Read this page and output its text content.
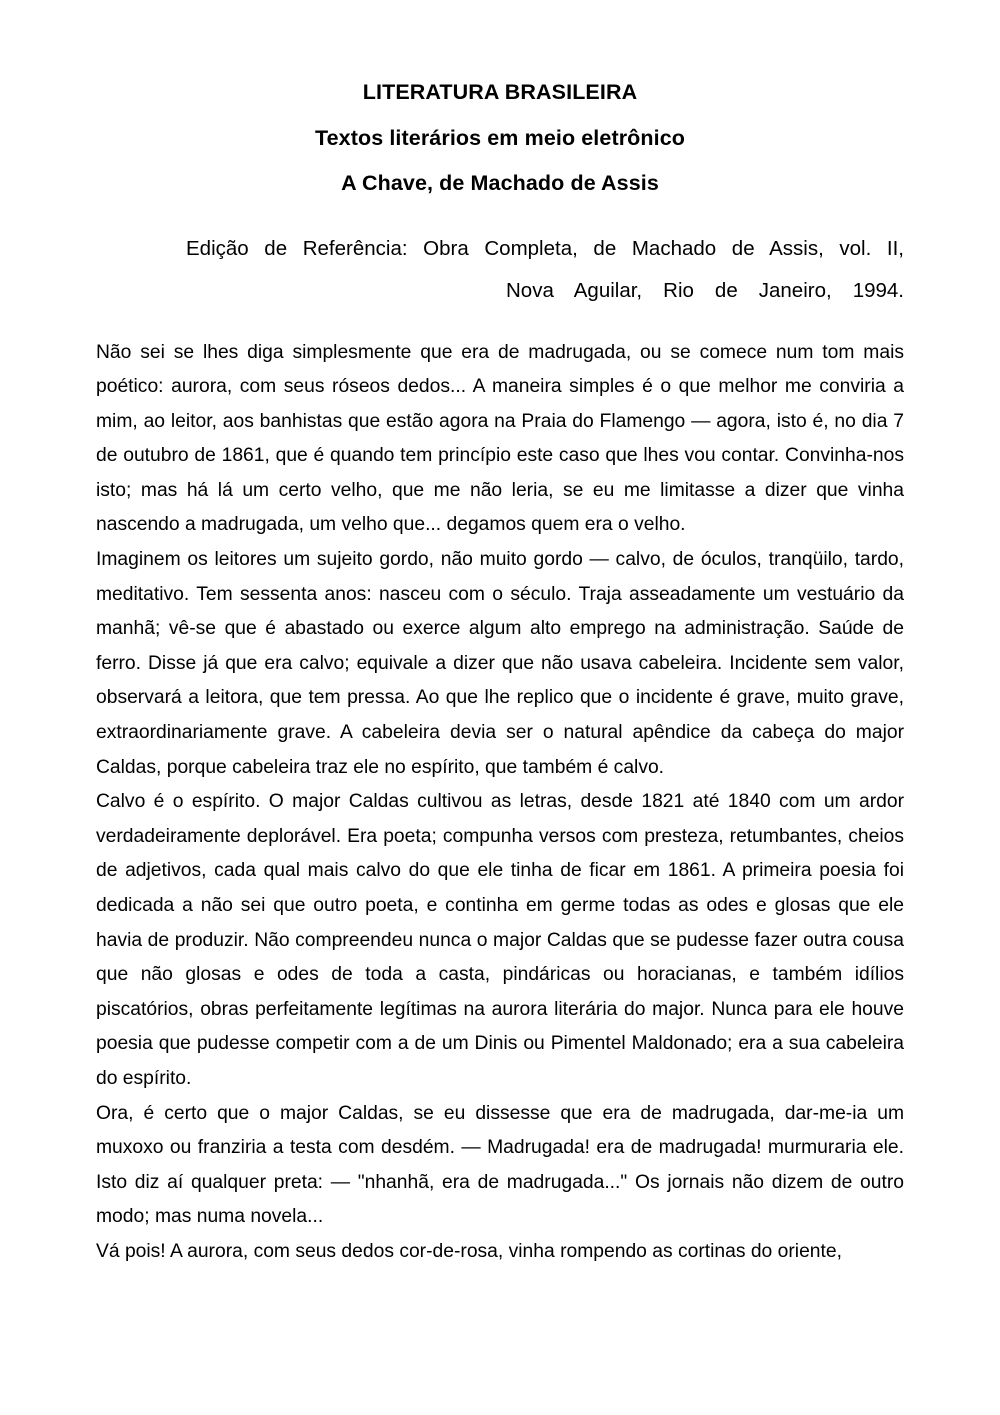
LITERATURA BRASILEIRA
Textos literários em meio eletrônico
A Chave, de Machado de Assis

Edição de Referência: Obra Completa, de Machado de Assis, vol. II,

Nova Aguilar, Rio de Janeiro, 1994.

Não sei se lhes diga simplesmente que era de madrugada, ou se comece num tom mais poético: aurora, com seus róseos dedos... A maneira simples é o que melhor me conviria a mim, ao leitor, aos banhistas que estão agora na Praia do Flamengo — agora, isto é, no dia 7 de outubro de 1861, que é quando tem princípio este caso que lhes vou contar. Convinha-nos isto; mas há lá um certo velho, que me não leria, se eu me limitasse a dizer que vinha nascendo a madrugada, um velho que... degamos quem era o velho.

Imaginem os leitores um sujeito gordo, não muito gordo — calvo, de óculos, tranqüilo, tardo, meditativo. Tem sessenta anos: nasceu com o século. Traja asseadamente um vestuário da manhã; vê-se que é abastado ou exerce algum alto emprego na administração. Saúde de ferro. Disse já que era calvo; equivale a dizer que não usava cabeleira. Incidente sem valor, observará a leitora, que tem pressa. Ao que lhe replico que o incidente é grave, muito grave, extraordinariamente grave. A cabeleira devia ser o natural apêndice da cabeça do major Caldas, porque cabeleira traz ele no espírito, que também é calvo.

Calvo é o espírito. O major Caldas cultivou as letras, desde 1821 até 1840 com um ardor verdadeiramente deplorável. Era poeta; compunha versos com presteza, retumbantes, cheios de adjetivos, cada qual mais calvo do que ele tinha de ficar em 1861. A primeira poesia foi dedicada a não sei que outro poeta, e continha em germe todas as odes e glosas que ele havia de produzir. Não compreendeu nunca o major Caldas que se pudesse fazer outra cousa que não glosas e odes de toda a casta, pindáricas ou horacianas, e também idílios piscatórios, obras perfeitamente legítimas na aurora literária do major. Nunca para ele houve poesia que pudesse competir com a de um Dinis ou Pimentel Maldonado; era a sua cabeleira do espírito.

Ora, é certo que o major Caldas, se eu dissesse que era de madrugada, dar-me-ia um muxoxo ou franziria a testa com desdém. — Madrugada! era de madrugada! murmuraria ele. Isto diz aí qualquer preta: — "nhanhã, era de madrugada..." Os jornais não dizem de outro modo; mas numa novela...

Vá pois! A aurora, com seus dedos cor-de-rosa, vinha rompendo as cortinas do oriente,
